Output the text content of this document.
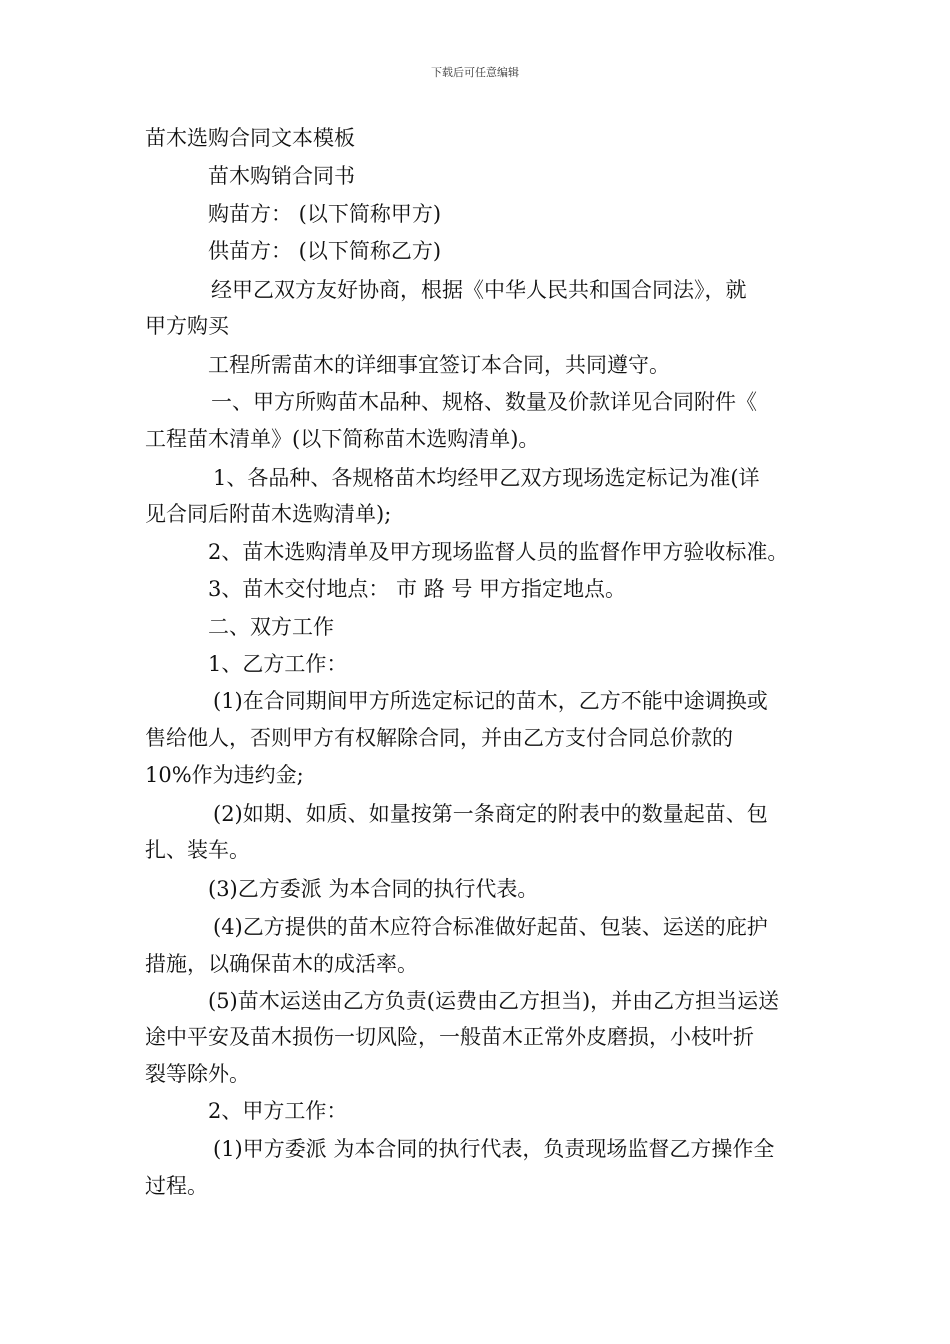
下载后可任意编辑
苗木选购合同文本模板
苗木购销合同书
购苗方： (以下简称甲方)
供苗方： (以下简称乙方)
经甲乙双方友好协商，根据《中华人民共和国合同法》，就
甲方购买
工程所需苗木的详细事宜签订本合同，共同遵守。
一、甲方所购苗木品种、规格、数量及价款详见合同附件《
工程苗木清单》(以下简称苗木选购清单)。
1、各品种、各规格苗木均经甲乙双方现场选定标记为准(详
见合同后附苗木选购清单);
2、苗木选购清单及甲方现场监督人员的监督作甲方验收标准。
3、苗木交付地点： 市 路 号 甲方指定地点。
二、双方工作
1、乙方工作：
(1)在合同期间甲方所选定标记的苗木，乙方不能中途调换或
售给他人，否则甲方有权解除合同，并由乙方支付合同总价款的
10%作为违约金;
(2)如期、如质、如量按第一条商定的附表中的数量起苗、包
扎、装车。
(3)乙方委派 为本合同的执行代表。
(4)乙方提供的苗木应符合标准做好起苗、包装、运送的庇护
措施，以确保苗木的成活率。
(5)苗木运送由乙方负责(运费由乙方担当)，并由乙方担当运送
途中平安及苗木损伤一切风险，一般苗木正常外皮磨损，小枝叶折
裂等除外。
2、甲方工作：
(1)甲方委派 为本合同的执行代表，负责现场监督乙方操作全
过程。
